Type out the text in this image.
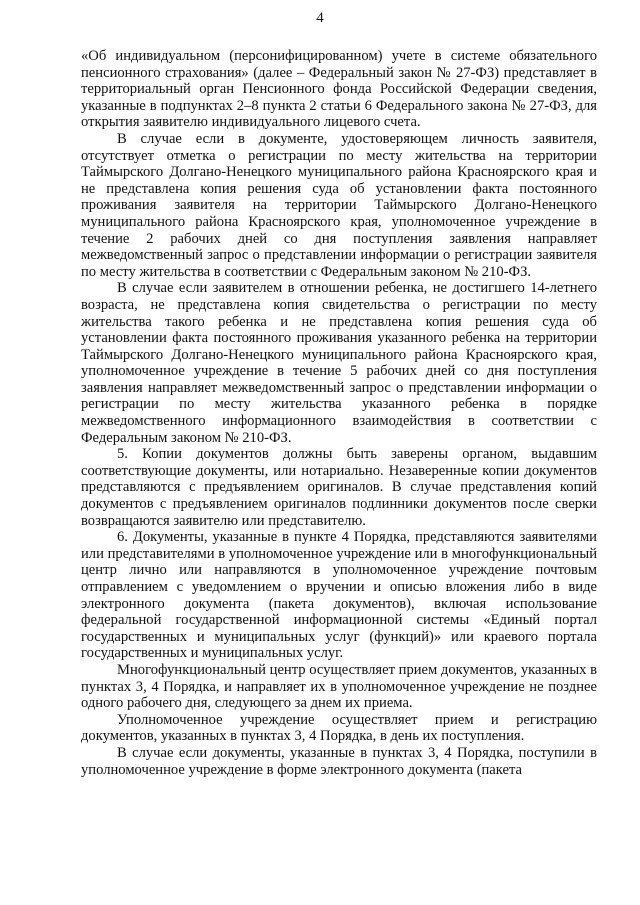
4

«Об индивидуальном (персонифицированном) учете в системе обязательного пенсионного страхования» (далее – Федеральный закон № 27-ФЗ) представляет в территориальный орган Пенсионного фонда Российской Федерации сведения, указанные в подпунктах 2–8 пункта 2 статьи 6 Федерального закона № 27-ФЗ, для открытия заявителю индивидуального лицевого счета.

В случае если в документе, удостоверяющем личность заявителя, отсутствует отметка о регистрации по месту жительства на территории Таймырского Долгано-Ненецкого муниципального района Красноярского края и не представлена копия решения суда об установлении факта постоянного проживания заявителя на территории Таймырского Долгано-Ненецкого муниципального района Красноярского края, уполномоченное учреждение в течение 2 рабочих дней со дня поступления заявления направляет межведомственный запрос о представлении информации о регистрации заявителя по месту жительства в соответствии с Федеральным законом № 210-ФЗ.

В случае если заявителем в отношении ребенка, не достигшего 14-летнего возраста, не представлена копия свидетельства о регистрации по месту жительства такого ребенка и не представлена копия решения суда об установлении факта постоянного проживания указанного ребенка на территории Таймырского Долгано-Ненецкого муниципального района Красноярского края, уполномоченное учреждение в течение 5 рабочих дней со дня поступления заявления направляет межведомственный запрос о представлении информации о регистрации по месту жительства указанного ребенка в порядке межведомственного информационного взаимодействия в соответствии с Федеральным законом № 210-ФЗ.

5. Копии документов должны быть заверены органом, выдавшим соответствующие документы, или нотариально. Незаверенные копии документов представляются с предъявлением оригиналов. В случае представления копий документов с предъявлением оригиналов подлинники документов после сверки возвращаются заявителю или представителю.

6. Документы, указанные в пункте 4 Порядка, представляются заявителями или представителями в уполномоченное учреждение или в многофункциональный центр лично или направляются в уполномоченное учреждение почтовым отправлением с уведомлением о вручении и описью вложения либо в виде электронного документа (пакета документов), включая использование федеральной государственной информационной системы «Единый портал государственных и муниципальных услуг (функций)» или краевого портала государственных и муниципальных услуг.

Многофункциональный центр осуществляет прием документов, указанных в пунктах 3, 4 Порядка, и направляет их в уполномоченное учреждение не позднее одного рабочего дня, следующего за днем их приема.

Уполномоченное учреждение осуществляет прием и регистрацию документов, указанных в пунктах 3, 4 Порядка, в день их поступления.

В случае если документы, указанные в пунктах 3, 4 Порядка, поступили в уполномоченное учреждение в форме электронного документа (пакета
